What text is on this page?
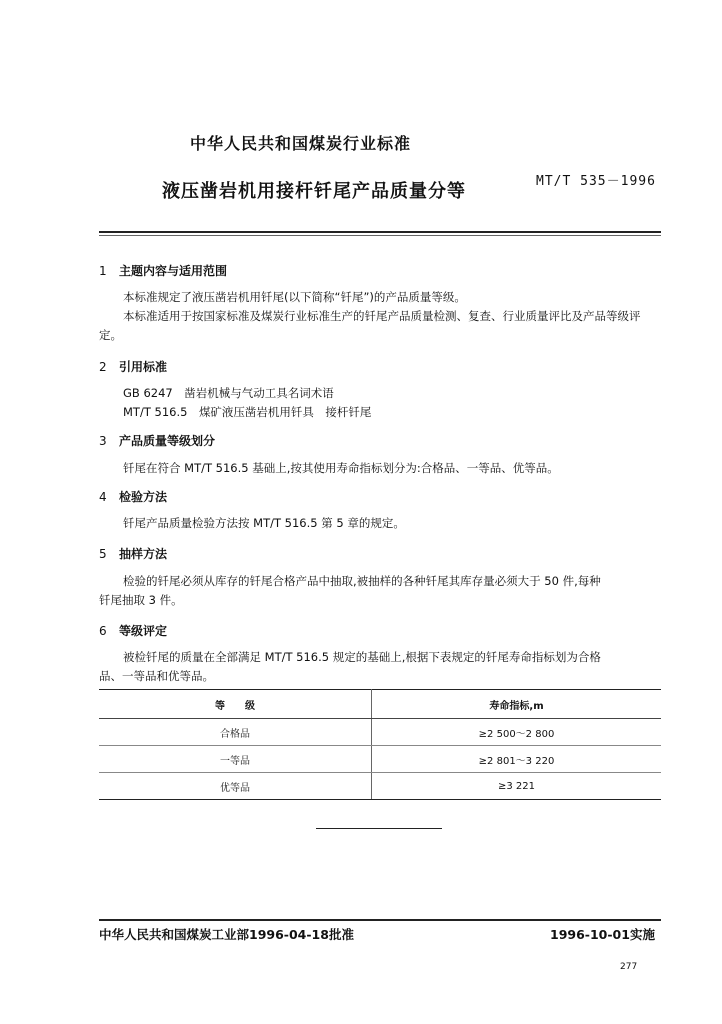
中华人民共和国煤炭行业标准
液压凿岩机用接杆钎尾产品质量分等	MT/T 535－1996
1 主题内容与适用范围
本标准规定了液压凿岩机用钎尾(以下简称“钎尾”)的产品质量等级。
本标准适用于按国家标准及煤炭行业标准生产的钎尾产品质量检测、复查、行业质量评比及产品等级评定。
2 引用标准
GB 6247　 凿岩机械与气动工具名词术语
MT/T 516.5　 煤矿液压凿岩机用钎具　接杆钎尾
3 产品质量等级划分
钎尾在符合 MT/T 516.5 基础上,按其使用寿命指标划分为:合格品、一等品、优等品。
4 检验方法
钎尾产品质量检验方法按 MT/T 516.5 第 5 章的规定。
5 抽样方法
检验的钎尾必须从库存的钎尾合格产品中抽取,被抽样的各种钎尾其库存量必须大于 50 件,每种
钎尾抽取 3 件。
6 等级评定
被检钎尾的质量在全部满足 MT/T 516.5 规定的基础上,根据下表规定的钎尾寿命指标划为合格
品、一等品和优等品。
等　　级	寿命指标,m
合格品	≥2 500～2 800
一等品	≥2 801～3 220
优等品	≥3 221
中华人民共和国煤炭工业部1996-04-18批准	1996-10-01实施
277
